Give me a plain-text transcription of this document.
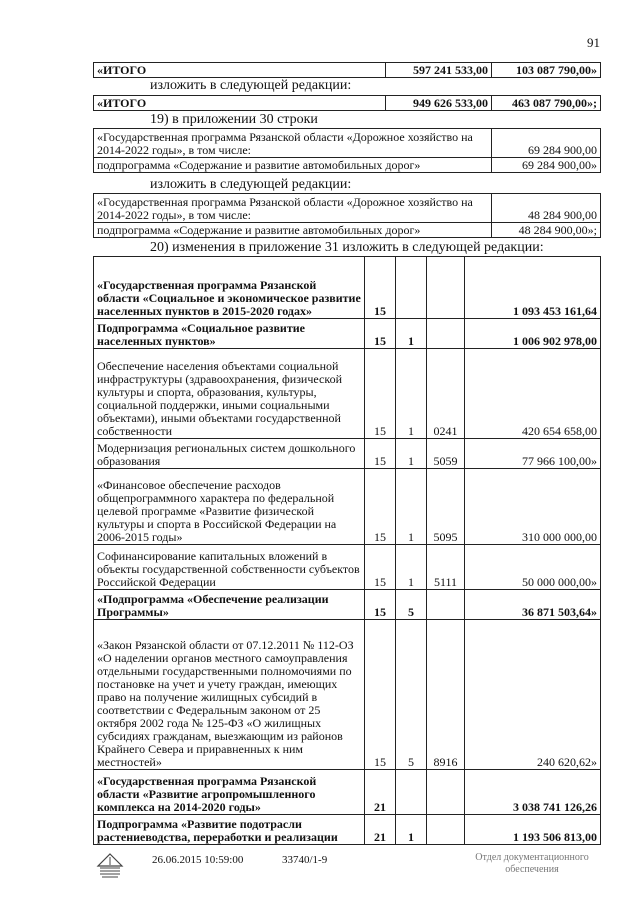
91
«ИТОГО	597 241 533,00	103 087 790,00»
изложить в следующей редакции:
«ИТОГО	949 626 533,00	463 087 790,00»;
19) в приложении 30 строки
«Государственная программа Рязанской области «Дорожное хозяйство на 2014-2022 годы», в том числе:	69 284 900,00
подпрограмма «Содержание и развитие автомобильных дорог»	69 284 900,00»
изложить в следующей редакции:
«Государственная программа Рязанской области «Дорожное хозяйство на 2014-2022 годы», в том числе:	48 284 900,00
подпрограмма «Содержание и развитие автомобильных дорог»	48 284 900,00»;
20) изменения в приложение 31 изложить в следующей редакции:
«Государственная программа Рязанской области «Социальное и экономическое развитие населенных пунктов в 2015-2020 годах»	15			1 093 453 161,64
Подпрограмма «Социальное развитие населенных пунктов»	15	1		1 006 902 978,00
Обеспечение населения объектами социальной инфраструктуры (здравоохранения, физической культуры и спорта, образования, культуры, социальной поддержки, иными социальными объектами), иными объектами государственной собственности	15	1	0241	420 654 658,00
Модернизация региональных систем дошкольного образования	15	1	5059	77 966 100,00»
«Финансовое обеспечение расходов общепрограммного характера по федеральной целевой программе «Развитие физической культуры и спорта в Российской Федерации на 2006-2015 годы»	15	1	5095	310 000 000,00
Софинансирование капитальных вложений в объекты государственной собственности субъектов Российской Федерации	15	1	5111	50 000 000,00»
«Подпрограмма «Обеспечение реализации Программы»	15	5		36 871 503,64»
«Закон Рязанской области от 07.12.2011 № 112-ОЗ «О наделении органов местного самоуправления отдельными государственными полномочиями по постановке на учет и учету граждан, имеющих право на получение жилищных субсидий в соответствии с Федеральным законом от 25 октября 2002 года № 125-ФЗ «О жилищных субсидиях гражданам, выезжающим из районов Крайнего Севера и приравненных к ним местностей»	15	5	8916	240 620,62»
«Государственная программа Рязанской области «Развитие агропромышленного комплекса на 2014-2020 годы»	21			3 038 741 126,26
Подпрограмма «Развитие подотрасли растениеводства, переработки и реализации	21	1		1 193 506 813,00
26.06.2015 10:59:00	33740/1-9	Отдел документационного обеспечения
